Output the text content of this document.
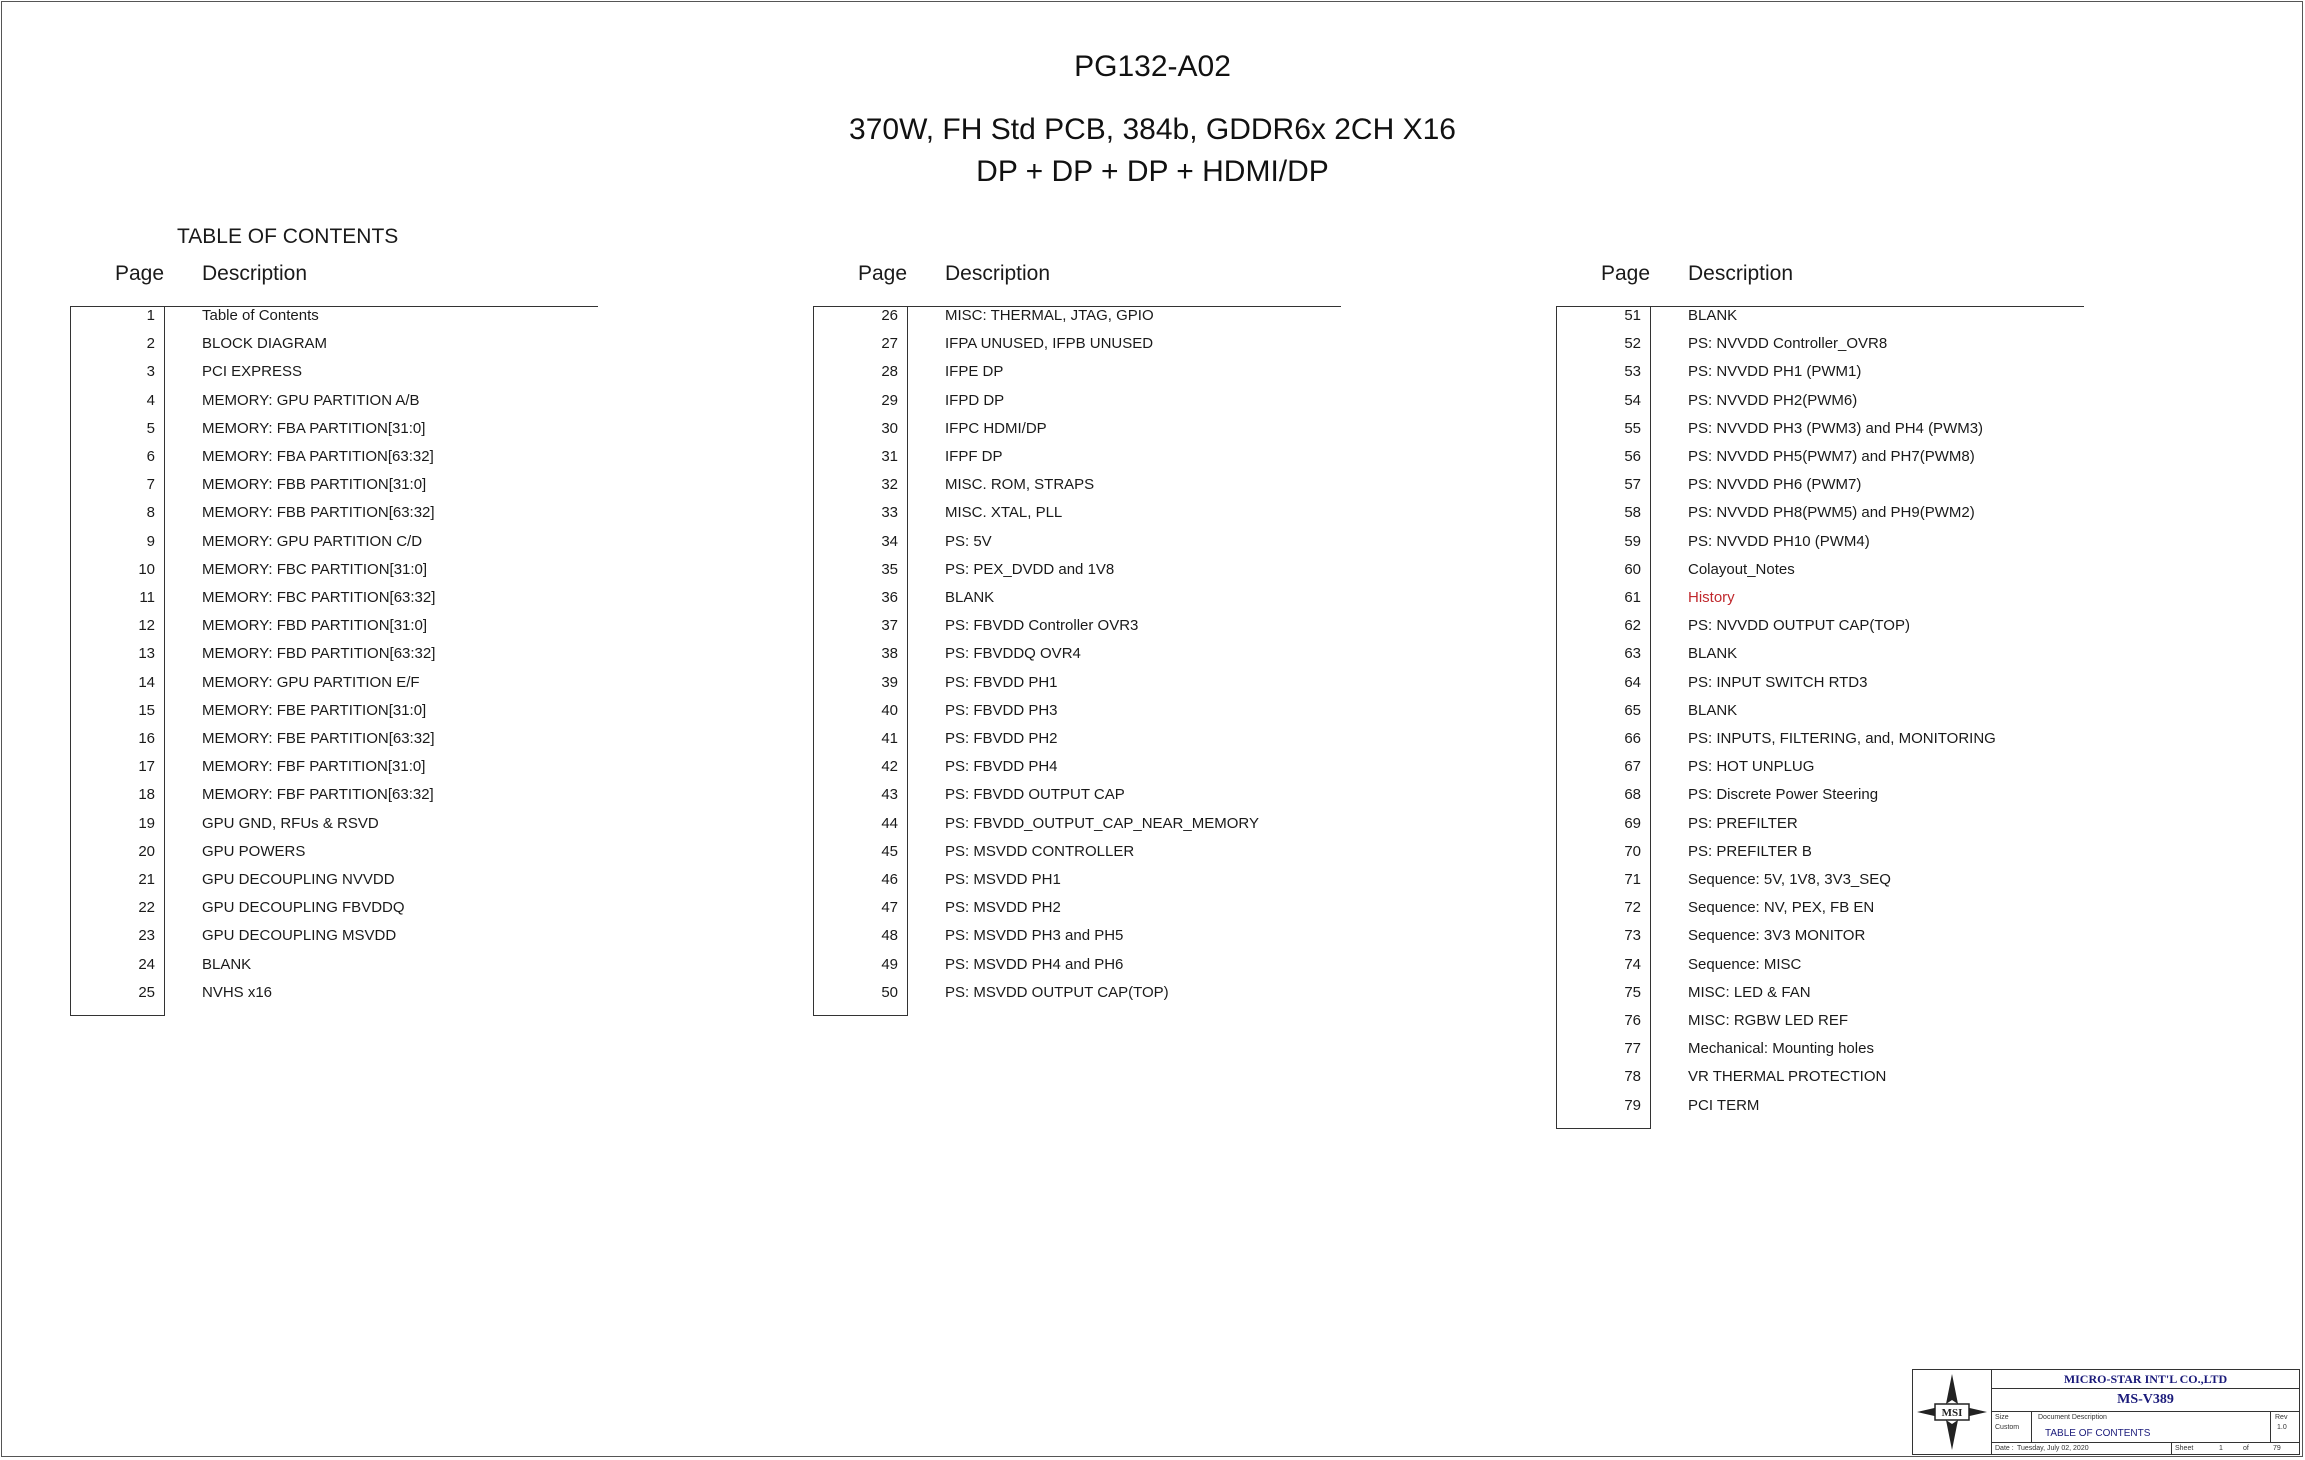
PG132-A02
370W, FH Std PCB, 384b, GDDR6x 2CH X16
DP + DP + DP + HDMI/DP
TABLE OF CONTENTS
Page Description
1	Table of Contents
2	BLOCK DIAGRAM
3	PCI EXPRESS
4	MEMORY: GPU PARTITION A/B
5	MEMORY: FBA PARTITION[31:0]
6	MEMORY: FBA PARTITION[63:32]
7	MEMORY: FBB PARTITION[31:0]
8	MEMORY: FBB PARTITION[63:32]
9	MEMORY: GPU PARTITION C/D
10	MEMORY: FBC PARTITION[31:0]
11	MEMORY: FBC PARTITION[63:32]
12	MEMORY: FBD PARTITION[31:0]
13	MEMORY: FBD PARTITION[63:32]
14	MEMORY: GPU PARTITION E/F
15	MEMORY: FBE PARTITION[31:0]
16	MEMORY: FBE PARTITION[63:32]
17	MEMORY: FBF PARTITION[31:0]
18	MEMORY: FBF PARTITION[63:32]
19	GPU GND, RFUs & RSVD
20	GPU POWERS
21	GPU DECOUPLING NVVDD
22	GPU DECOUPLING FBVDDQ
23	GPU DECOUPLING MSVDD
24	BLANK
25	NVHS x16
Page Description
26	MISC: THERMAL, JTAG, GPIO
27	IFPA UNUSED, IFPB UNUSED
28	IFPE DP
29	IFPD DP
30	IFPC HDMI/DP
31	IFPF DP
32	MISC. ROM, STRAPS
33	MISC. XTAL, PLL
34	PS: 5V
35	PS: PEX_DVDD and 1V8
36	BLANK
37	PS: FBVDD Controller OVR3
38	PS: FBVDDQ OVR4
39	PS: FBVDD PH1
40	PS: FBVDD PH3
41	PS: FBVDD PH2
42	PS: FBVDD PH4
43	PS: FBVDD OUTPUT CAP
44	PS: FBVDD_OUTPUT_CAP_NEAR_MEMORY
45	PS: MSVDD CONTROLLER
46	PS: MSVDD PH1
47	PS: MSVDD PH2
48	PS: MSVDD PH3 and PH5
49	PS: MSVDD PH4 and PH6
50	PS: MSVDD OUTPUT CAP(TOP)
Page Description
51	BLANK
52	PS: NVVDD Controller_OVR8
53	PS: NVVDD PH1 (PWM1)
54	PS: NVVDD PH2(PWM6)
55	PS: NVVDD PH3 (PWM3) and PH4 (PWM3)
56	PS: NVVDD PH5(PWM7) and PH7(PWM8)
57	PS: NVVDD PH6 (PWM7)
58	PS: NVVDD PH8(PWM5) and PH9(PWM2)
59	PS: NVVDD PH10 (PWM4)
60	Colayout_Notes
61	History
62	PS: NVVDD OUTPUT CAP(TOP)
63	BLANK
64	PS: INPUT SWITCH RTD3
65	BLANK
66	PS: INPUTS, FILTERING, and, MONITORING
67	PS: HOT UNPLUG
68	PS: Discrete Power Steering
69	PS: PREFILTER
70	PS: PREFILTER B
71	Sequence: 5V, 1V8, 3V3_SEQ
72	Sequence: NV, PEX, FB EN
73	Sequence: 3V3 MONITOR
74	Sequence: MISC
75	MISC: LED & FAN
76	MISC: RGBW LED REF
77	Mechanical: Mounting holes
78	VR THERMAL PROTECTION
79	PCI TERM
MSI
MICRO-STAR INT'L CO.,LTD
MS-V389
Size
Custom
Document Description
TABLE OF CONTENTS
Rev
1.0
Date : Tuesday, July 02, 2020	Sheet	1	of	79
